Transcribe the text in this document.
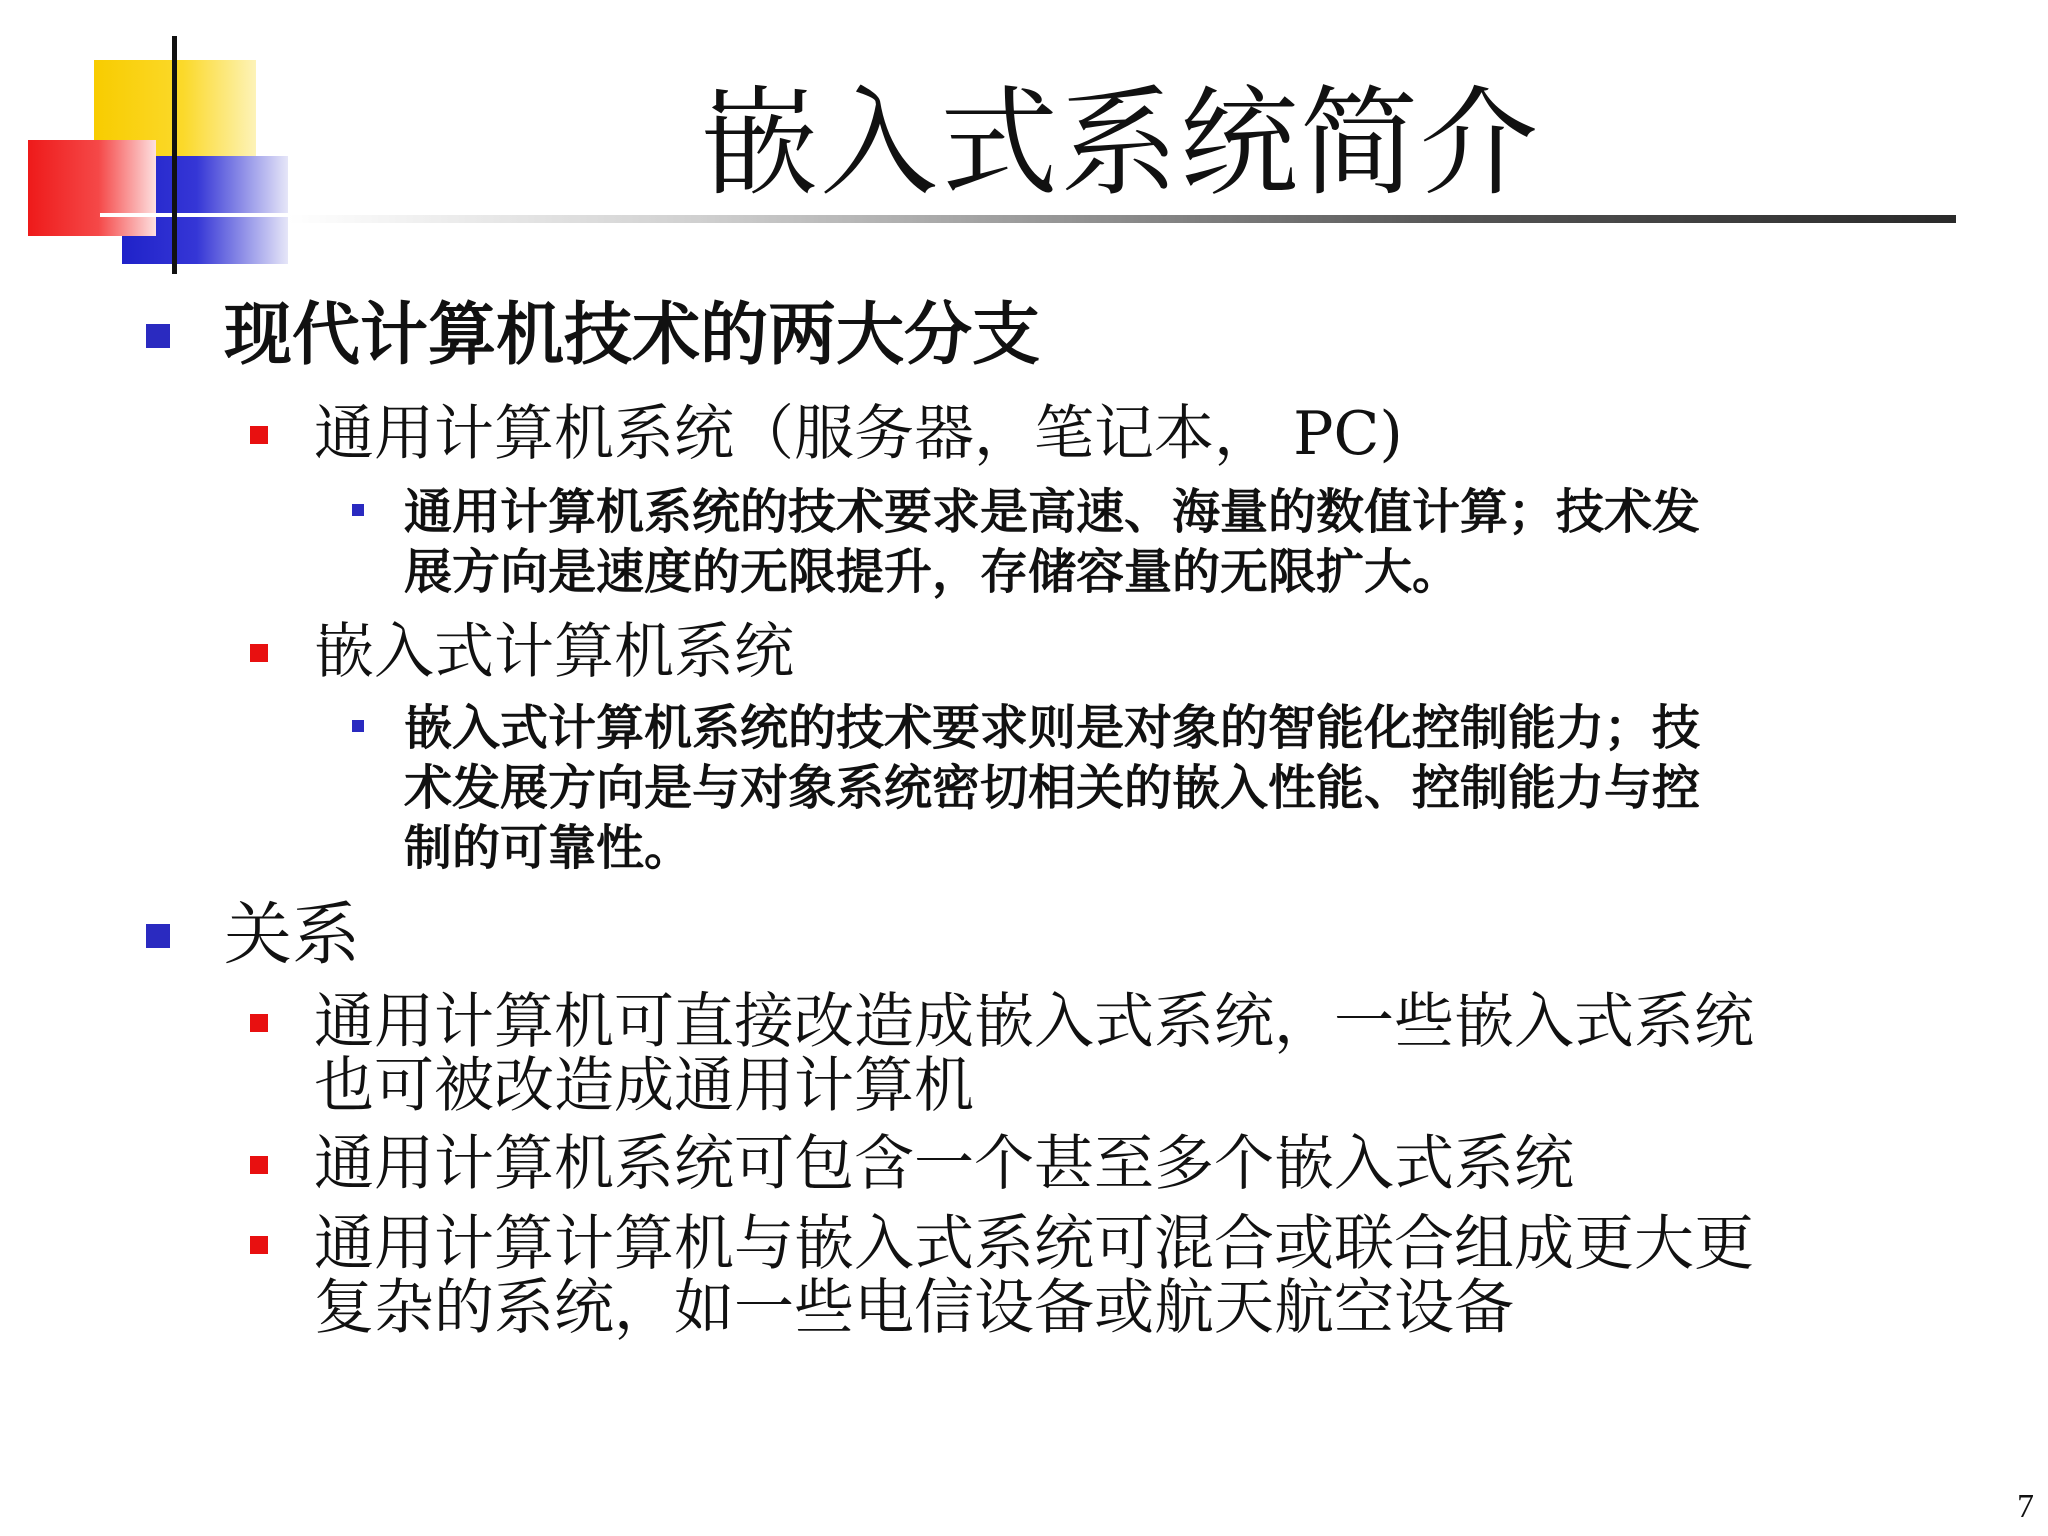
嵌入式系统简介
现代计算机技术的两大分支
通用计算机系统（服务器，笔记本， PC)
通用计算机系统的技术要求是高速、海量的数值计算；技术发
展方向是速度的无限提升，存储容量的无限扩大。
嵌入式计算机系统
嵌入式计算机系统的技术要求则是对象的智能化控制能力；技
术发展方向是与对象系统密切相关的嵌入性能、控制能力与控
制的可靠性。
关系
通用计算机可直接改造成嵌入式系统，一些嵌入式系统
也可被改造成通用计算机
通用计算机系统可包含一个甚至多个嵌入式系统
通用计算计算机与嵌入式系统可混合或联合组成更大更
复杂的系统，如一些电信设备或航天航空设备
7
